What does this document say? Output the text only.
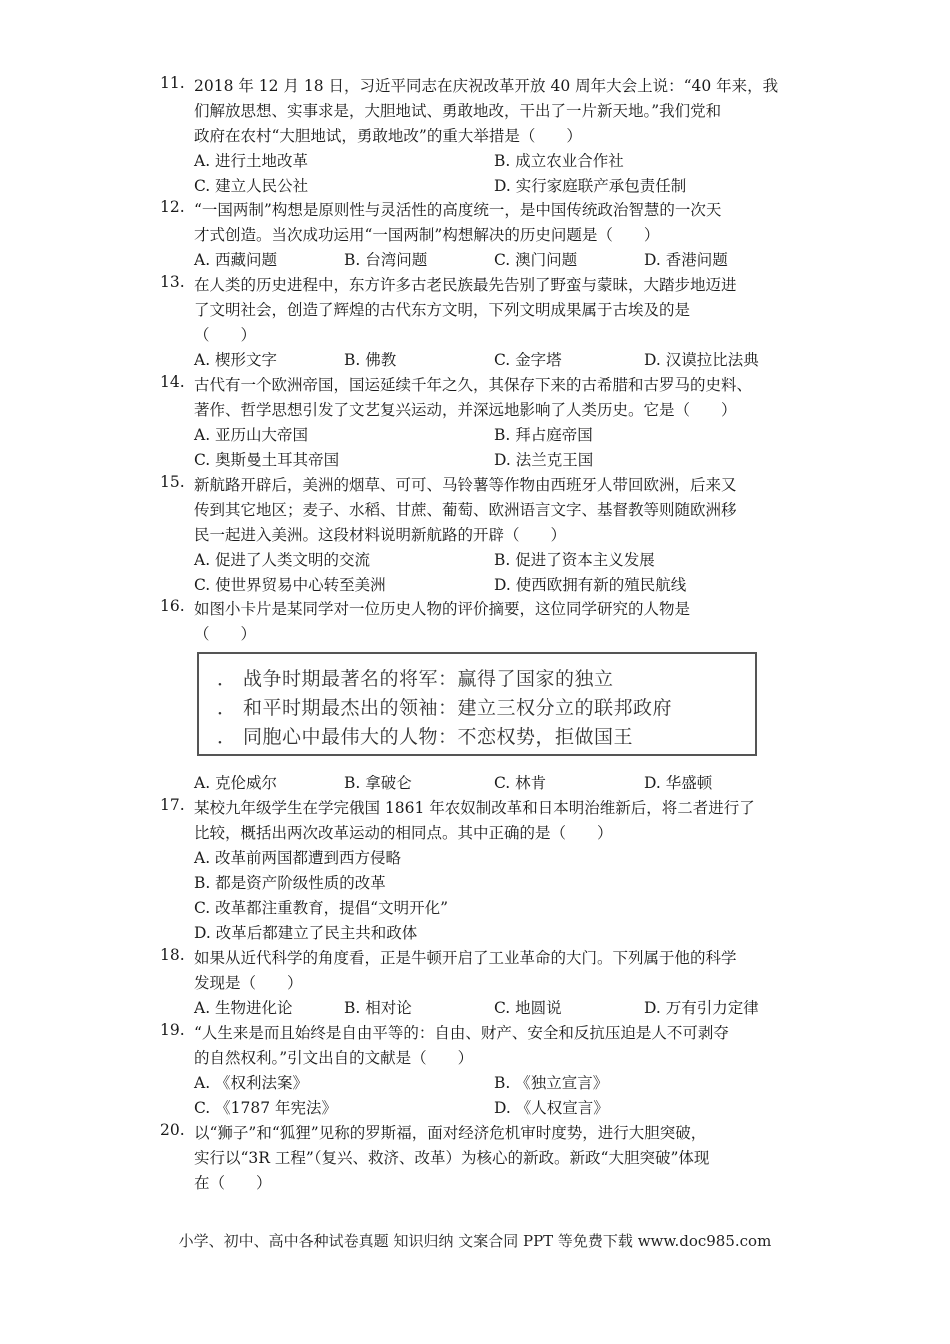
11. 2018 年 12 月 18 日，习近平同志在庆祝改革开放 40 周年大会上说：“40 年来，我
们解放思想、实事求是，大胆地试、勇敢地改，干出了一片新天地。”我们党和
政府在农村“大胆地试，勇敢地改”的重大举措是（　　）
A. 进行土地改革	B. 成立农业合作社
C. 建立人民公社	D. 实行家庭联产承包责任制
12. “一国两制”构想是原则性与灵活性的高度统一，是中国传统政治智慧的一次天
才式创造。当次成功运用“一国两制”构想解决的历史问题是（　　）
A. 西藏问题	B. 台湾问题	C. 澳门问题	D. 香港问题
13. 在人类的历史进程中，东方许多古老民族最先告别了野蛮与蒙昧，大踏步地迈进
了文明社会，创造了辉煌的古代东方文明，下列文明成果属于古埃及的是
（　　）
A. 楔形文字	B. 佛教	C. 金字塔	D. 汉谟拉比法典
14. 古代有一个欧洲帝国，国运延续千年之久，其保存下来的古希腊和古罗马的史料、
著作、哲学思想引发了文艺复兴运动，并深远地影响了人类历史。它是（　　）
A. 亚历山大帝国	B. 拜占庭帝国
C. 奥斯曼土耳其帝国	D. 法兰克王国
15. 新航路开辟后，美洲的烟草、可可、马铃薯等作物由西班牙人带回欧洲，后来又
传到其它地区；麦子、水稻、甘蔗、葡萄、欧洲语言文字、基督教等则随欧洲移
民一起进入美洲。这段材料说明新航路的开辟（　　）
A. 促进了人类文明的交流	B. 促进了资本主义发展
C. 使世界贸易中心转至美洲	D. 使西欧拥有新的殖民航线
16. 如图小卡片是某同学对一位历史人物的评价摘要，这位同学研究的人物是
（　　）
． 战争时期最著名的将军：赢得了国家的独立
． 和平时期最杰出的领袖：建立三权分立的联邦政府
． 同胞心中最伟大的人物：不恋权势，拒做国王
A. 克伦威尔	B. 拿破仑	C. 林肯	D. 华盛顿
17. 某校九年级学生在学完俄国 1861 年农奴制改革和日本明治维新后，将二者进行了
比较，概括出两次改革运动的相同点。其中正确的是（　　）
A. 改革前两国都遭到西方侵略
B. 都是资产阶级性质的改革
C. 改革都注重教育，提倡“文明开化”
D. 改革后都建立了民主共和政体
18. 如果从近代科学的角度看，正是牛顿开启了工业革命的大门。下列属于他的科学
发现是（　　）
A. 生物进化论	B. 相对论	C. 地圆说	D. 万有引力定律
19. “人生来是而且始终是自由平等的：自由、财产、安全和反抗压迫是人不可剥夺
的自然权利。”引文出自的文献是（　　）
A. 《权利法案》	B. 《独立宣言》
C. 《1787 年宪法》	D. 《人权宣言》
20. 以“狮子”和“狐狸”见称的罗斯福，面对经济危机审时度势，进行大胆突破，
实行以“3R 工程”（复兴、救济、改革）为核心的新政。新政“大胆突破”体现
在（　　）
小学、初中、高中各种试卷真题 知识归纳 文案合同 PPT 等免费下载 www.doc985.com
